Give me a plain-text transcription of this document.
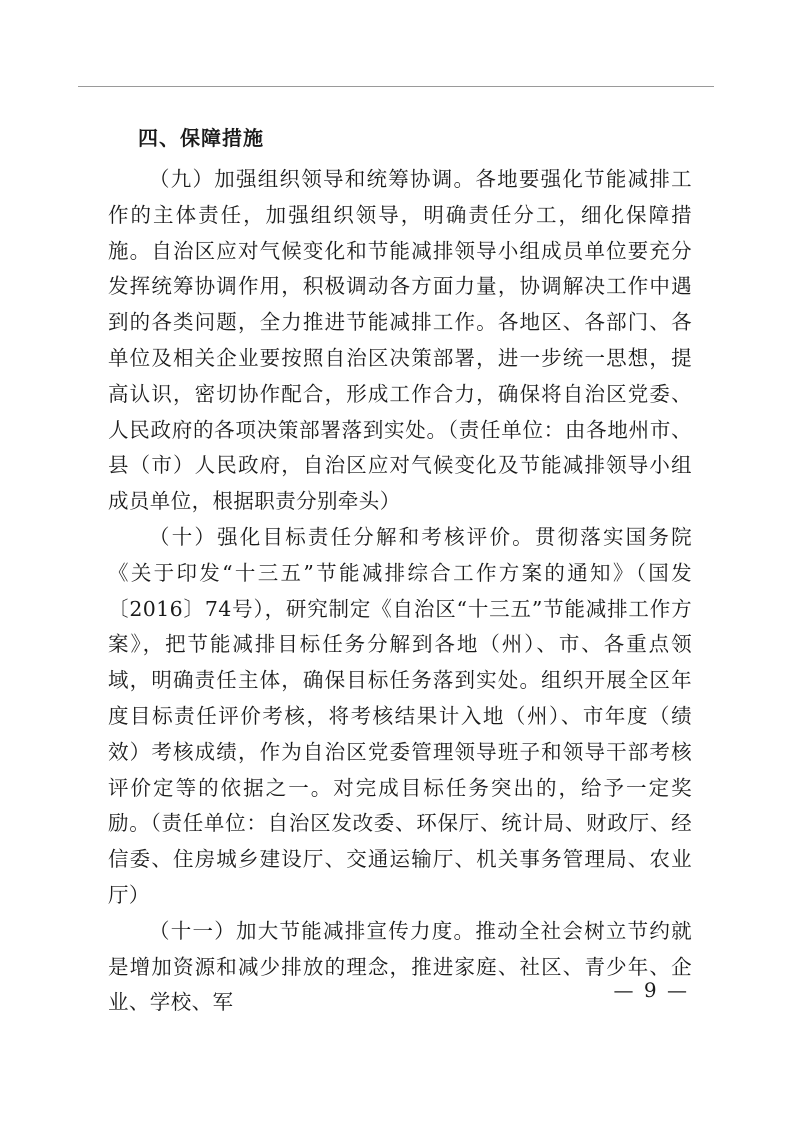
四、保障措施

（九）加强组织领导和统筹协调。各地要强化节能减排工作的主体责任，加强组织领导，明确责任分工，细化保障措施。自治区应对气候变化和节能减排领导小组成员单位要充分发挥统筹协调作用，积极调动各方面力量，协调解决工作中遇到的各类问题，全力推进节能减排工作。各地区、各部门、各单位及相关企业要按照自治区决策部署，进一步统一思想，提高认识，密切协作配合，形成工作合力，确保将自治区党委、人民政府的各项决策部署落到实处。（责任单位：由各地州市、县（市）人民政府，自治区应对气候变化及节能减排领导小组成员单位，根据职责分别牵头）

（十）强化目标责任分解和考核评价。贯彻落实国务院《关于印发“十三五”节能减排综合工作方案的通知》（国发〔2016〕74号），研究制定《自治区“十三五”节能减排工作方案》，把节能减排目标任务分解到各地（州）、市、各重点领域，明确责任主体，确保目标任务落到实处。组织开展全区年度目标责任评价考核，将考核结果计入地（州）、市年度（绩效）考核成绩，作为自治区党委管理领导班子和领导干部考核评价定等的依据之一。对完成目标任务突出的，给予一定奖励。（责任单位：自治区发改委、环保厅、统计局、财政厅、经信委、住房城乡建设厅、交通运输厅、机关事务管理局、农业厅）

（十一）加大节能减排宣传力度。推动全社会树立节约就是增加资源和减少排放的理念，推进家庭、社区、青少年、企业、学校、军

— 9 —
